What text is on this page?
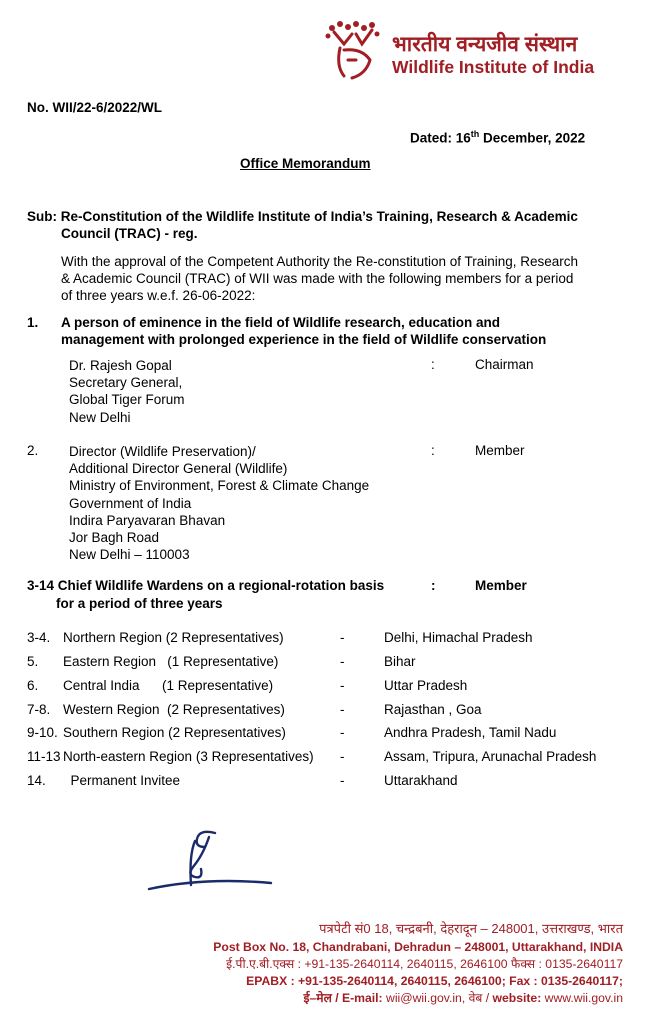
भारतीय वन्यजीव संस्थान
Wildlife Institute of India
No. WII/22-6/2022/WL
Dated: 16th December, 2022
Office Memorandum
Sub: Re-Constitution of the Wildlife Institute of India’s Training, Research & Academic
Council (TRAC) - reg.
With the approval of the Competent Authority the Re-constitution of Training, Research
& Academic Council (TRAC) of WII was made with the following members for a period
of three years w.e.f. 26-06-2022:
1. A person of eminence in the field of Wildlife research, education and
management with prolonged experience in the field of Wildlife conservation
Dr. Rajesh Gopal
Secretary General,
Global Tiger Forum
New Delhi
:	Chairman
2. Director (Wildlife Preservation)/
Additional Director General (Wildlife)
Ministry of Environment, Forest & Climate Change
Government of India
Indira Paryavaran Bhavan
Jor Bagh Road
New Delhi – 110003
:	Member
3-14 Chief Wildlife Wardens on a regional-rotation basis
for a period of three years
:	Member
3-4. Northern Region (2 Representatives)	-	Delhi, Himachal Pradesh
5. Eastern Region   (1 Representative)	-	Bihar
6. Central India      (1 Representative)	-	Uttar Pradesh
7-8. Western Region  (2 Representatives)	-	Rajasthan , Goa
9-10. Southern Region (2 Representatives)	-	Andhra Pradesh, Tamil Nadu
11-13 North-eastern Region (3 Representatives) -	Assam, Tripura, Arunachal Pradesh
14. Permanent Invitee	-	Uttarakhand
पत्रपेटी सं0 18, चन्द्रबनी, देहरादून – 248001, उत्तराखण्ड, भारत
Post Box No. 18, Chandrabani, Dehradun – 248001, Uttarakhand, INDIA
ई.पी.ए.बी.एक्स : +91-135-2640114, 2640115, 2646100 फैक्स : 0135-2640117
EPABX : +91-135-2640114, 2640115, 2646100; Fax : 0135-2640117;
ई–मेल / E-mail: wii@wii.gov.in, वेब / website: www.wii.gov.in
